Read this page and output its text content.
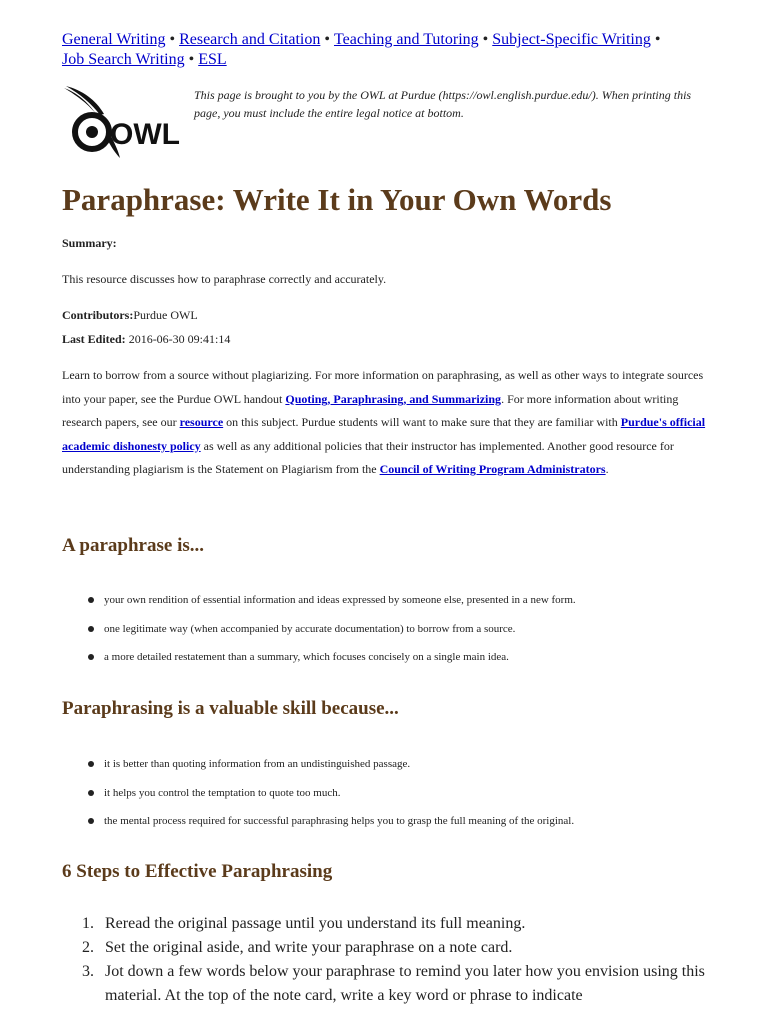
General Writing • Research and Citation • Teaching and Tutoring • Subject-Specific Writing •
Job Search Writing • ESL
OWL
This page is brought to you by the OWL at Purdue (https://owl.english.purdue.edu/). When printing this page, you must include the entire legal notice at bottom.
Paraphrase: Write It in Your Own Words
Summary:
This resource discusses how to paraphrase correctly and accurately.
Contributors:Purdue OWL
Last Edited: 2016-06-30 09:41:14
Learn to borrow from a source without plagiarizing. For more information on paraphrasing, as well as other ways to integrate sources into your paper, see the Purdue OWL handout Quoting, Paraphrasing, and Summarizing. For more information about writing research papers, see our resource on this subject. Purdue students will want to make sure that they are familiar with Purdue's official academic dishonesty policy as well as any additional policies that their instructor has implemented. Another good resource for understanding plagiarism is the Statement on Plagiarism from the Council of Writing Program Administrators.
A paraphrase is...
your own rendition of essential information and ideas expressed by someone else, presented in a new form.
one legitimate way (when accompanied by accurate documentation) to borrow from a source.
a more detailed restatement than a summary, which focuses concisely on a single main idea.
Paraphrasing is a valuable skill because...
it is better than quoting information from an undistinguished passage.
it helps you control the temptation to quote too much.
the mental process required for successful paraphrasing helps you to grasp the full meaning of the original.
6 Steps to Effective Paraphrasing
1. Reread the original passage until you understand its full meaning.
2. Set the original aside, and write your paraphrase on a note card.
3. Jot down a few words below your paraphrase to remind you later how you envision using this material. At the top of the note card, write a key word or phrase to indicate
